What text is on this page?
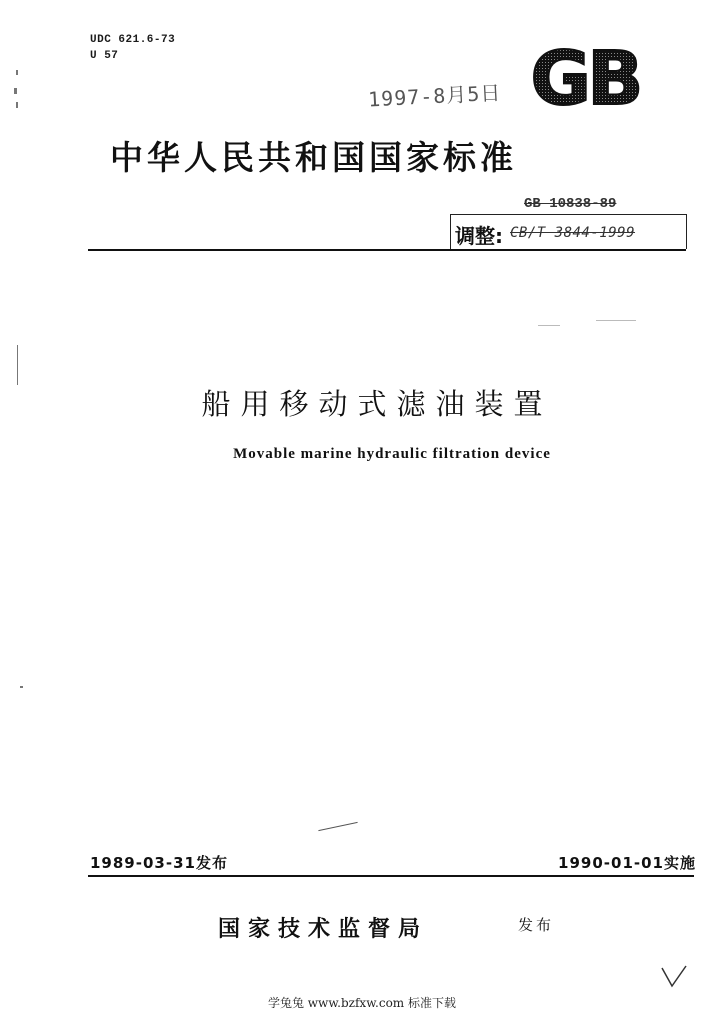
UDC 621.6-73
U 57
1997-8月5日 GB
中华人民共和国国家标准
GB 10838-89
调整: CB/T 3844-1999
船用移动式滤油装置
Movable marine hydraulic filtration device
1989-03-31发布	1990-01-01实施
国家技术监督局	发布
学兔兔 www.bzfxw.com 标准下载
